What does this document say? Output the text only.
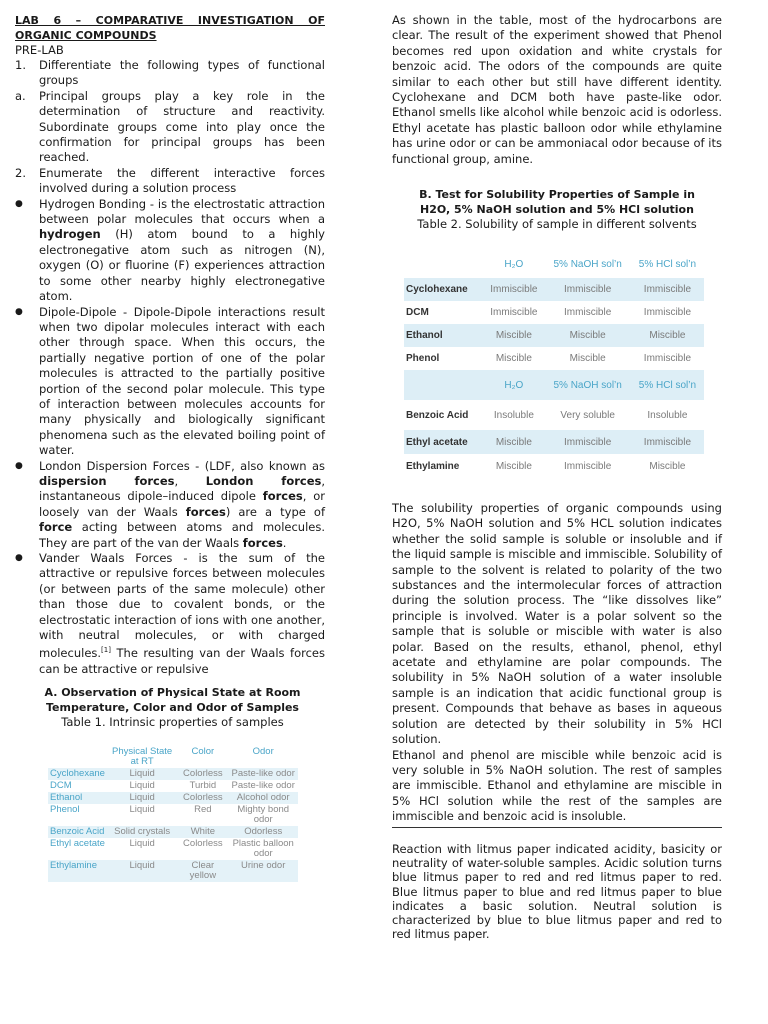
LAB 6 – COMPARATIVE INVESTIGATION OF ORGANIC COMPOUNDS

PRE-LAB

1.	Differentiate the following types of functional groups
a.	Principal groups play a key role in the determination of structure and reactivity. Subordinate groups come into play once the confirmation for principal groups has been reached.
2.	Enumerate the different interactive forces involved during a solution process
●	Hydrogen Bonding - is the electrostatic attraction between polar molecules that occurs when a hydrogen (H) atom bound to a highly electronegative atom such as nitrogen (N), oxygen (O) or fluorine (F) experiences attraction to some other nearby highly electronegative atom.
●	Dipole-Dipole - Dipole-Dipole interactions result when two dipolar molecules interact with each other through space. When this occurs, the partially negative portion of one of the polar molecules is attracted to the partially positive portion of the second polar molecule. This type of interaction between molecules accounts for many physically and biologically significant phenomena such as the elevated boiling point of water.
●	London Dispersion Forces - (LDF, also known as dispersion forces, London forces, instantaneous dipole–induced dipole forces, or loosely van der Waals forces) are a type of force acting between atoms and molecules. They are part of the van der Waals forces.
●	Vander Waals Forces - is the sum of the attractive or repulsive forces between molecules (or between parts of the same molecule) other than those due to covalent bonds, or the electrostatic interaction of ions with one another, with neutral molecules, or with charged molecules.[1] The resulting van der Waals forces can be attractive or repulsive

A. Observation of Physical State at Room Temperature, Color and Odor of Samples

Table 1. Intrinsic properties of samples

	Physical State at RT	Color	Odor
Cyclohexane	Liquid	Colorless	Paste-like odor
DCM	Liquid	Turbid	Paste-like odor
Ethanol	Liquid	Colorless	Alcohol odor
Phenol	Liquid	Red	Mighty bond odor
Benzoic Acid	Solid crystals	White	Odorless
Ethyl acetate	Liquid	Colorless	Plastic balloon odor
Ethylamine	Liquid	Clear yellow	Urine odor

As shown in the table, most of the hydrocarbons are clear. The result of the experiment showed that Phenol becomes red upon oxidation and white crystals for benzoic acid. The odors of the compounds are quite similar to each other but still have different identity. Cyclohexane and DCM both have paste-like odor. Ethanol smells like alcohol while benzoic acid is odorless. Ethyl acetate has plastic balloon odor while ethylamine has urine odor or can be ammoniacal odor because of its functional group, amine.

B. Test for Solubility Properties of Sample in H2O, 5% NaOH solution and 5% HCl solution

Table 2. Solubility of sample in different solvents

	H₂O	5% NaOH sol’n	5% HCl sol’n
Cyclohexane	Immiscible	Immiscible	Immiscible
DCM	Immiscible	Immiscible	Immiscible
Ethanol	Miscible	Miscible	Miscible
Phenol	Miscible	Miscible	Immiscible
	H₂O	5% NaOH sol’n	5% HCl sol’n
Benzoic Acid	Insoluble	Very soluble	Insoluble
Ethyl acetate	Miscible	Immiscible	Immiscible
Ethylamine	Miscible	Immiscible	Miscible

The solubility properties of organic compounds using H2O, 5% NaOH solution and 5% HCL solution indicates whether the solid sample is soluble or insoluble and if the liquid sample is miscible and immiscible. Solubility of sample to the solvent is related to polarity of the two substances and the intermolecular forces of attraction during the solution process. The “like dissolves like” principle is involved. Water is a polar solvent so the sample that is soluble or miscible with water is also polar. Based on the results, ethanol, phenol, ethyl acetate and ethylamine are polar compounds. The solubility in 5% NaOH solution of a water insoluble sample is an indication that acidic functional group is present. Compounds that behave as bases in aqueous solution are detected by their solubility in 5% HCl solution.

Ethanol and phenol are miscible while benzoic acid is very soluble in 5% NaOH solution. The rest of samples are immiscible. Ethanol and ethylamine are miscible in 5% HCl solution while the rest of the samples are immiscible and benzoic acid is insoluble.

Reaction with litmus paper indicated acidity, basicity or neutrality of water-soluble samples. Acidic solution turns blue litmus paper to red and red litmus paper to red. Blue litmus paper to blue and red litmus paper to blue indicates a basic solution. Neutral solution is characterized by blue to blue litmus paper and red to red litmus paper.
